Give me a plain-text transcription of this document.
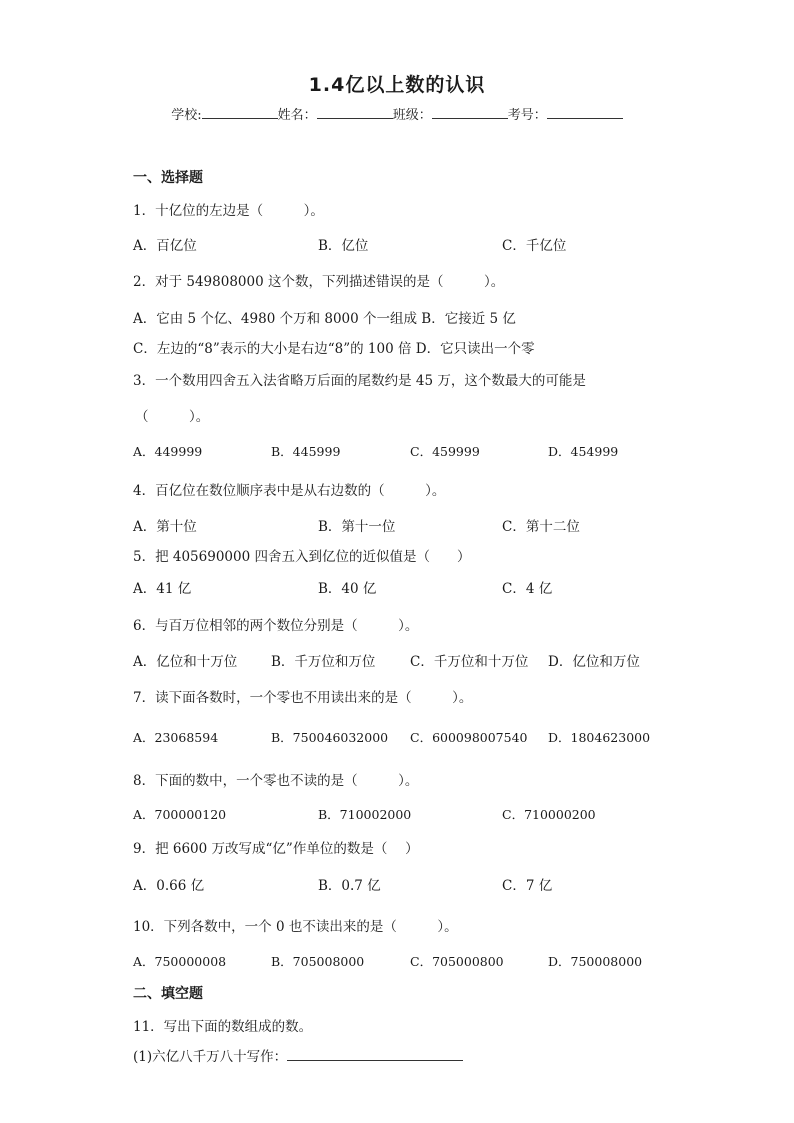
1.4亿以上数的认识
学校:	姓名：	班级：	考号：
一、选择题
1．十亿位的左边是（　　　）。
A．百亿位	B．亿位	C．千亿位
2．对于 549808000 这个数，下列描述错误的是（　　　）。
A．它由 5 个亿、4980 个万和 8000 个一组成 B．它接近 5 亿
C．左边的“8”表示的大小是右边“8”的 100 倍 D．它只读出一个零
3．一个数用四舍五入法省略万后面的尾数约是 45 万，这个数最大的可能是
（　　　）。
A．449999	B．445999	C．459999	D．454999
4．百亿位在数位顺序表中是从右边数的（　　　）。
A．第十位	B．第十一位	C．第十二位
5．把 405690000 四舍五入到亿位的近似值是（　　）
A．41 亿	B．40 亿	C．4 亿
6．与百万位相邻的两个数位分别是（　　　）。
A．亿位和十万位	B．千万位和万位	C．千万位和十万位 D．亿位和万位
7．读下面各数时，一个零也不用读出来的是（　　　）。
A．23068594	B．750046032000 C．600098007540 D．1804623000
8．下面的数中，一个零也不读的是（　　　）。
A．700000120	B．710002000	C．710000200
9．把 6600 万改写成“亿”作单位的数是（　 ）
A．0.66 亿	B．0.7 亿	C．7 亿
10．下列各数中，一个 0 也不读出来的是（　　　）。
A．750000008	B．705008000	C．705000800	D．750008000
二、填空题
11．写出下面的数组成的数。
(1)六亿八千万八十写作：
